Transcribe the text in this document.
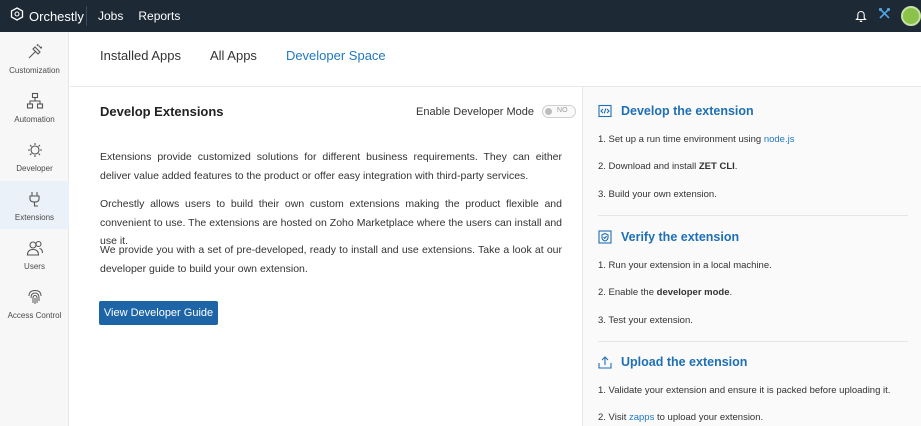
Orchestly Jobs Reports
Customization
Automation
Developer
Extensions
Users
Access Control
Installed Apps All Apps Developer Space
Develop Extensions	Enable Developer Mode	NO

Extensions provide customized solutions for different business requirements. They can either deliver value added features to the product or offer easy integration with third-party services.

Orchestly allows users to build their own custom extensions making the product flexible and convenient to use. The extensions are hosted on Zoho Marketplace where the users can install and use it.

We provide you with a set of pre-developed, ready to install and use extensions. Take a look at our developer guide to build your own extension.

View Developer Guide
Develop the extension
1. Set up a run time environment using node.js
2. Download and install ZET CLI.
3. Build your own extension.
Verify the extension
1. Run your extension in a local machine.
2. Enable the developer mode.
3. Test your extension.
Upload the extension
1. Validate your extension and ensure it is packed before uploading it.
2. Visit zapps to upload your extension.
